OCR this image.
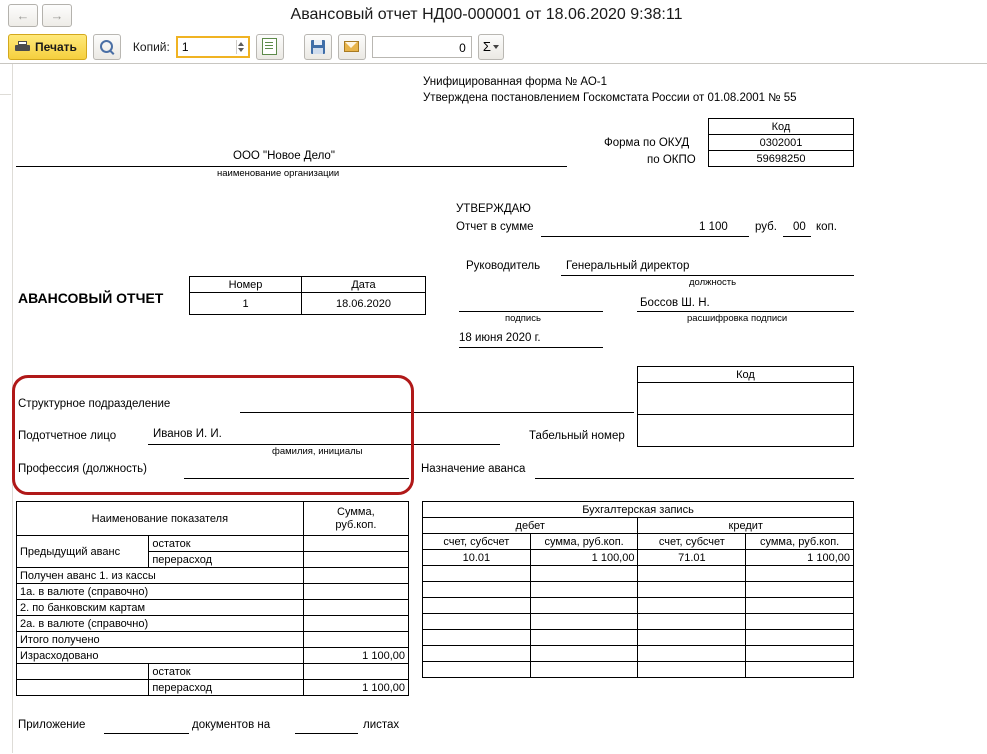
← →	Авансовый отчет НД00-000001 от 18.06.2020 9:38:11
Печать	Копий:
1	0	Σ
Унифицированная форма № АО-1
Утверждена постановлением Госкомстата России от 01.08.2001 № 55
Код
0302001
59698250
Форма по ОКУД
по ОКПО
ООО "Новое Дело"
наименование организации
УТВЕРЖДАЮ
Отчет в сумме	1 100 руб. 00 коп.
Руководитель Генеральный директор
должность
Боссов Ш. Н.
подпись	расшифровка подписи
18 июня 2020 г.
АВАНСОВЫЙ ОТЧЕТ
Номер	Дата
1	18.06.2020
Код

Структурное подразделение
Подотчетное лицо	Иванов И. И.
фамилия, инициалы
Профессия (должность)
Табельный номер
Назначение аванса
Наименование показателя		Сумма,
руб.коп.
Предыдущий аванс	остаток	
	перерасход	
Получен аванс 1. из кассы		
1а. в валюте (справочно)		
2. по банковским картам		
2а. в валюте (справочно)		
Итого получено		
Израсходовано		1 100,00
	остаток	
	перерасход	1 100,00
Бухгалтерская запись			
дебет		кредит	
счет, субсчет	сумма, руб.коп.	счет, субсчет	сумма, руб.коп.
10.01	1 100,00	71.01	1 100,00

Приложение	документов на	листах
